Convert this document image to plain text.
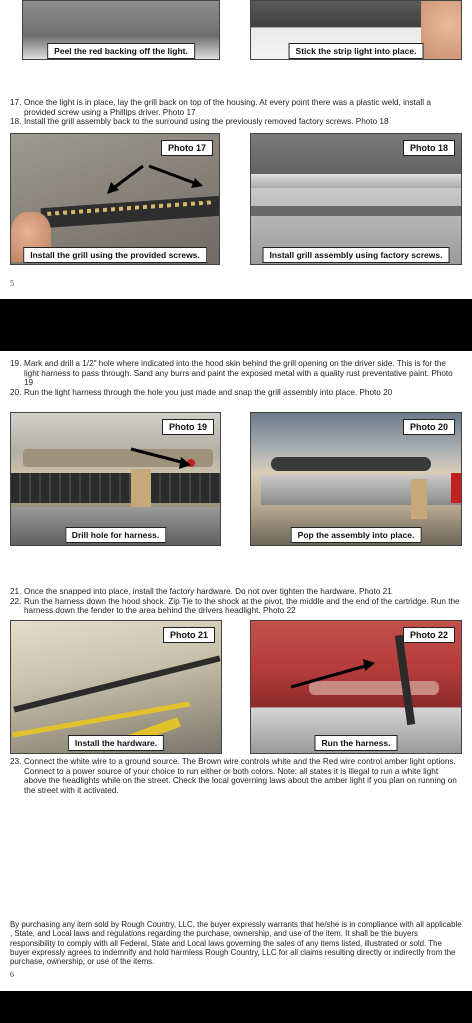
Peel the red backing off the light.	Stick the strip light into place.
17. Once the light is in place, lay the grill back on top of the housing. At every point there was a plastic weld, install a provided screw using a Phillips driver. Photo 17
18. Install the grill assembly back to the surround using the previously removed factory screws. Photo 18
Photo 17
Install the grill using the provided screws.
Photo 18
Install grill assembly using factory screws.
5
19. Mark and drill a 1/2" hole where indicated into the hood skin behind the grill opening on the driver side. This is for the light harness to pass through. Sand any burrs and paint the exposed metal with a quality rust preventative paint. Photo 19
20. Run the light harness through the hole you just made and snap the grill assembly into place. Photo 20
Photo 19
Drill hole for harness.
Photo 20
Pop the assembly into place.
21. Once the snapped into place, install the factory hardware. Do not over tighten the hardware. Photo 21
22. Run the harness down the hood shock. Zip Tie to the shock at the pivot, the middle and the end of the cartridge. Run the harness down the fender to the area behind the drivers headlight. Photo 22
Photo 21
Install the hardware.
Photo 22
Run the harness.
23. Connect the white wire to a ground source. The Brown wire controls white and the Red wire control amber light options. Connect to a power source of your choice to run either or both colors. Note: all states it is illegal to run a white light above the headlights while on the street. Check the local governing laws about the amber light if you plan on running on the street with it activated.
By purchasing any item sold by Rough Country, LLC, the buyer expressly warrants that he/she is in compliance with all applicable , State, and Local laws and regulations regarding the purchase, ownership, and use of the item. It shall be the buyers responsibility to comply with all Federal, State and Local laws governing the sales of any items listed, illustrated or sold. The buyer expressly agrees to indemnify and hold harmless Rough Country, LLC for all claims resulting directly or indirectly from the purchase, ownership, or use of the items.
6
